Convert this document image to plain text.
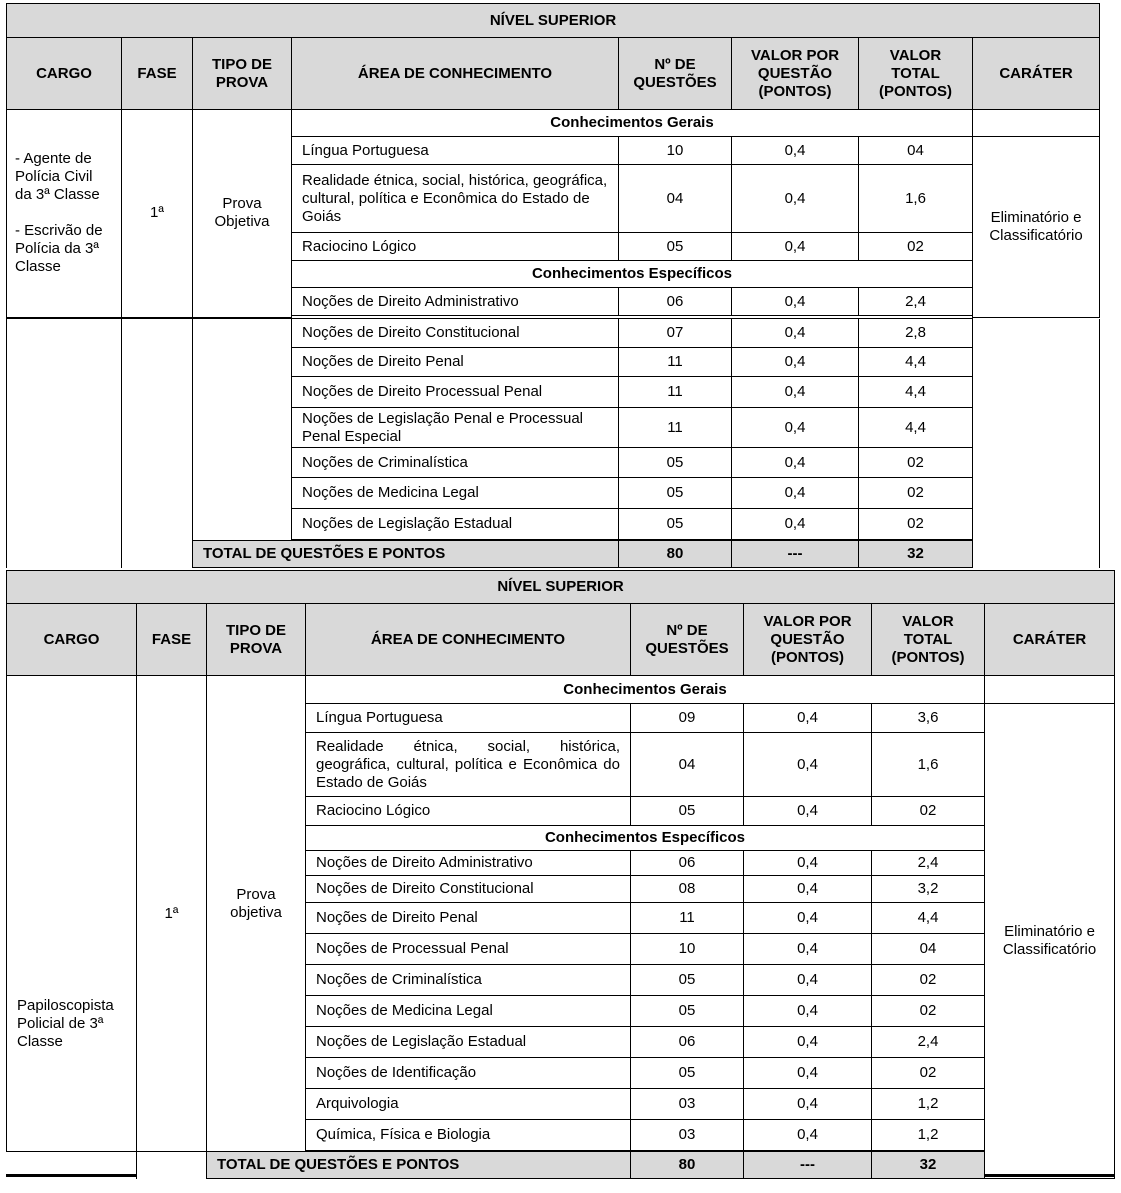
NÍVEL SUPERIOR							
CARGO	FASE	TIPO DE PROVA	ÁREA DE CONHECIMENTO	Nº DE QUESTÕES	VALOR POR QUESTÃO (PONTOS)	VALOR TOTAL (PONTOS)	CARÁTER

- Agente de Polícia Civil da 3ª Classe
- Escrivão de Polícia da 3ª Classe	1ª	Prova Objetiva	Conhecimentos Gerais				
			Língua Portuguesa	10	0,4	04	Eliminatório e Classificatório
			Realidade étnica, social, histórica, geográfica, cultural, política e Econômica do Estado de Goiás	04	0,4	1,6	
			Raciocino Lógico	05	0,4	02	
			Conhecimentos Específicos				
			Noções de Direito Administrativo	06	0,4	2,4	

			Noções de Direito Constitucional	07	0,4	2,8	
			Noções de Direito Penal	11	0,4	4,4	
			Noções de Direito Processual Penal	11	0,4	4,4	
			Noções de Legislação Penal e Processual Penal Especial	11	0,4	4,4	
			Noções de Criminalística	05	0,4	02	
			Noções de Medicina Legal	05	0,4	02	
			Noções de Legislação Estadual	05	0,4	02	

		TOTAL DE QUESTÕES E PONTOS		80	---	32	
NÍVEL SUPERIOR							
CARGO	FASE	TIPO DE PROVA	ÁREA DE CONHECIMENTO	Nº DE QUESTÕES	VALOR POR QUESTÃO (PONTOS)	VALOR TOTAL (PONTOS)	CARÁTER
Papiloscopista Policial de 3ª Classe	1ª	Prova objetiva	Conhecimentos Gerais				
			Língua Portuguesa	09	0,4	3,6	Eliminatório e Classificatório
			Realidade étnica, social, histórica, geográfica, cultural, política e Econômica do Estado de Goiás	04	0,4	1,6	
			Raciocino Lógico	05	0,4	02	
			Conhecimentos Específicos				
			Noções de Direito Administrativo	06	0,4	2,4	
			Noções de Direito Constitucional	08	0,4	3,2	
			Noções de Direito Penal	11	0,4	4,4	
			Noções de Processual Penal	10	0,4	04	
			Noções de Criminalística	05	0,4	02	
			Noções de Medicina Legal	05	0,4	02	
			Noções de Legislação Estadual	06	0,4	2,4	
			Noções de Identificação	05	0,4	02	
			Arquivologia	03	0,4	1,2	
			Química, Física e Biologia	03	0,4	1,2	

		TOTAL DE QUESTÕES E PONTOS		80	---	32	
